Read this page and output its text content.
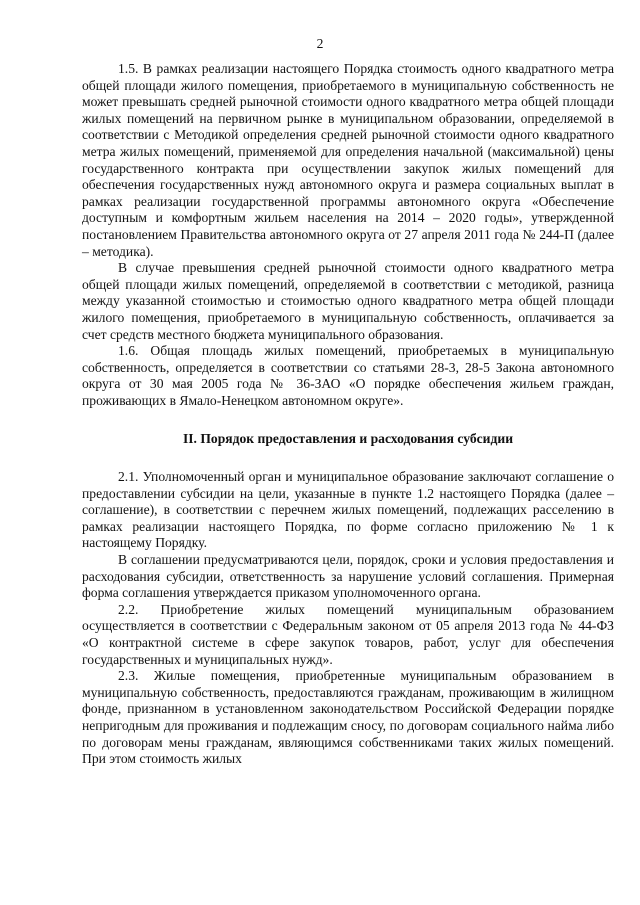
2

1.5. В рамках реализации настоящего Порядка стоимость одного квадратного метра общей площади жилого помещения, приобретаемого в муниципальную собственность не может превышать средней рыночной стоимости одного квадратного метра общей площади жилых помещений на первичном рынке в муниципальном образовании, определяемой в соответствии с Методикой определения средней рыночной стоимости одного квадратного метра жилых помещений, применяемой для определения начальной (максимальной) цены государственного контракта при осуществлении закупок жилых помещений для обеспечения государственных нужд автономного округа и размера социальных выплат в рамках реализации государственной программы автономного округа «Обеспечение доступным и комфортным жильем населения на 2014 – 2020 годы», утвержденной постановлением Правительства автономного округа от 27 апреля 2011 года № 244-П (далее – методика).

В случае превышения средней рыночной стоимости одного квадратного метра общей площади жилых помещений, определяемой в соответствии с методикой, разница между указанной стоимостью и стоимостью одного квадратного метра общей площади жилого помещения, приобретаемого в муниципальную собственность, оплачивается за счет средств местного бюджета муниципального образования.

1.6. Общая площадь жилых помещений, приобретаемых в муниципальную собственность, определяется в соответствии со статьями 28-3, 28-5 Закона автономного округа от 30 мая 2005 года № 36-ЗАО «О порядке обеспечения жильем граждан, проживающих в Ямало-Ненецком автономном округе».

II. Порядок предоставления и расходования субсидии

2.1. Уполномоченный орган и муниципальное образование заключают соглашение о предоставлении субсидии на цели, указанные в пункте 1.2 настоящего Порядка (далее – соглашение), в соответствии с перечнем жилых помещений, подлежащих расселению в рамках реализации настоящего Порядка, по форме согласно приложению № 1 к настоящему Порядку.

В соглашении предусматриваются цели, порядок, сроки и условия предоставления и расходования субсидии, ответственность за нарушение условий соглашения. Примерная форма соглашения утверждается приказом уполномоченного органа.

2.2. Приобретение жилых помещений муниципальным образованием осуществляется в соответствии с Федеральным законом от 05 апреля 2013 года № 44-ФЗ «О контрактной системе в сфере закупок товаров, работ, услуг для обеспечения государственных и муниципальных нужд».

2.3. Жилые помещения, приобретенные муниципальным образованием в муниципальную собственность, предоставляются гражданам, проживающим в жилищном фонде, признанном в установленном законодательством Российской Федерации порядке непригодным для проживания и подлежащим сносу, по договорам социального найма либо по договорам мены гражданам, являющимся собственниками таких жилых помещений. При этом стоимость жилых
